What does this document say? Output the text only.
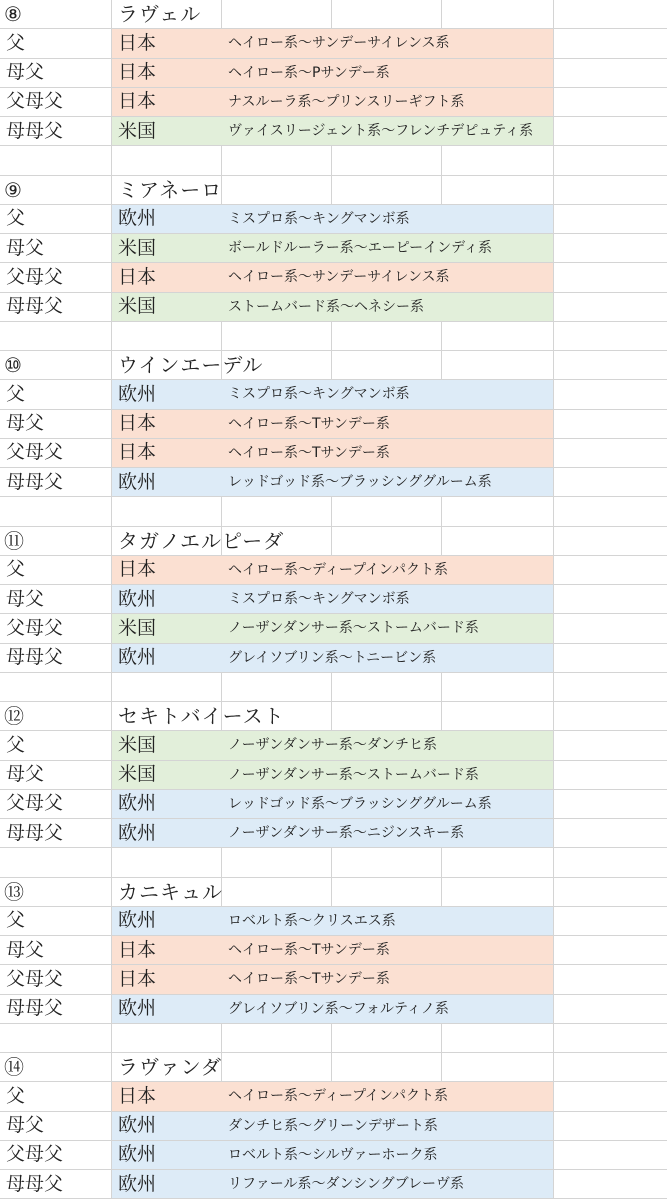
⑧	ラヴェル
父	日本	ヘイロー系～サンデーサイレンス系
母父	日本	ヘイロー系～Pサンデー系
父母父	日本	ナスルーラ系～プリンスリーギフト系
母母父	米国	ヴァイスリージェント系～フレンチデピュティ系
⑨	ミアネーロ
父	欧州	ミスプロ系～キングマンボ系
母父	米国	ボールドルーラー系～エーピーインディ系
父母父	日本	ヘイロー系～サンデーサイレンス系
母母父	米国	ストームバード系～ヘネシー系
⑩	ウインエーデル
父	欧州	ミスプロ系～キングマンボ系
母父	日本	ヘイロー系～Tサンデー系
父母父	日本	ヘイロー系～Tサンデー系
母母父	欧州	レッドゴッド系～ブラッシンググルーム系
⑪	タガノエルピーダ
父	日本	ヘイロー系～ディープインパクト系
母父	欧州	ミスプロ系～キングマンボ系
父母父	米国	ノーザンダンサー系～ストームバード系
母母父	欧州	グレイソブリン系～トニービン系
⑫	セキトバイースト
父	米国	ノーザンダンサー系～ダンチヒ系
母父	米国	ノーザンダンサー系～ストームバード系
父母父	欧州	レッドゴッド系～ブラッシンググルーム系
母母父	欧州	ノーザンダンサー系～ニジンスキー系
⑬	カニキュル
父	欧州	ロベルト系～クリスエス系
母父	日本	ヘイロー系～Tサンデー系
父母父	日本	ヘイロー系～Tサンデー系
母母父	欧州	グレイソブリン系～フォルティノ系
⑭	ラヴァンダ
父	日本	ヘイロー系～ディープインパクト系
母父	欧州	ダンチヒ系～グリーンデザート系
父母父	欧州	ロベルト系～シルヴァーホーク系
母母父	欧州	リファール系～ダンシングブレーヴ系
